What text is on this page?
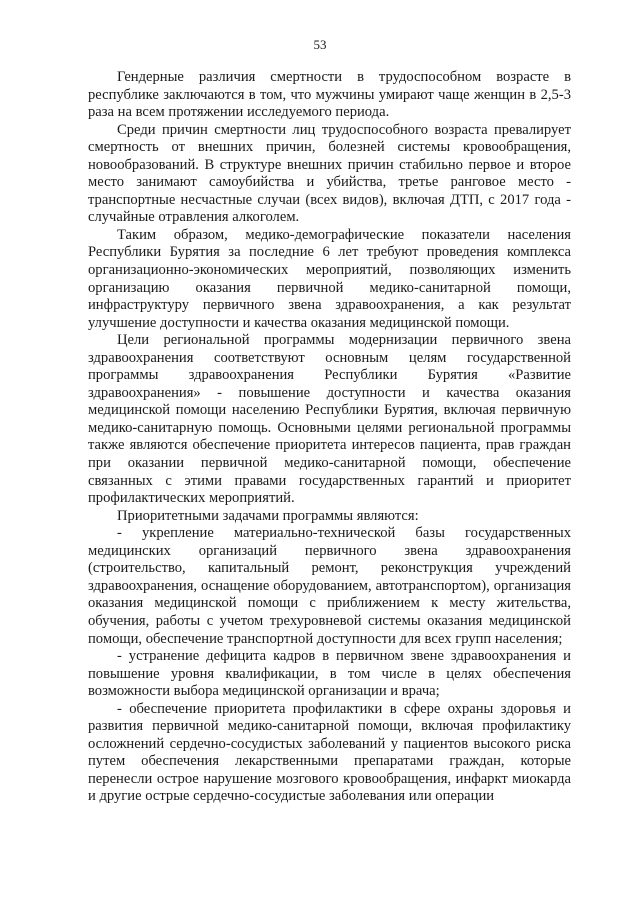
53

Гендерные различия смертности в трудоспособном возрасте в республике заключаются в том, что мужчины умирают чаще женщин в 2,5-3 раза на всем протяжении исследуемого периода.

Среди причин смертности лиц трудоспособного возраста превалирует смертность от внешних причин, болезней системы кровообращения, новообразований. В структуре внешних причин стабильно первое и второе место занимают самоубийства и убийства, третье ранговое место - транспортные несчастные случаи (всех видов), включая ДТП, с 2017 года - случайные отравления алкоголем.

Таким образом, медико-демографические показатели населения Республики Бурятия за последние 6 лет требуют проведения комплекса организационно-экономических мероприятий, позволяющих изменить организацию оказания первичной медико-санитарной помощи, инфраструктуру первичного звена здравоохранения, а как результат улучшение доступности и качества оказания медицинской помощи.

Цели региональной программы модернизации первичного звена здравоохранения соответствуют основным целям государственной программы здравоохранения Республики Бурятия «Развитие здравоохранения» - повышение доступности и качества оказания медицинской помощи населению Республики Бурятия, включая первичную медико-санитарную помощь. Основными целями региональной программы также являются обеспечение приоритета интересов пациента, прав граждан при оказании первичной медико-санитарной помощи, обеспечение связанных с этими правами государственных гарантий и приоритет профилактических мероприятий.

Приоритетными задачами программы являются:

- укрепление материально-технической базы государственных медицинских организаций первичного звена здравоохранения (строительство, капитальный ремонт, реконструкция учреждений здравоохранения, оснащение оборудованием, автотранспортом), организация оказания медицинской помощи с приближением к месту жительства, обучения, работы с учетом трехуровневой системы оказания медицинской помощи, обеспечение транспортной доступности для всех групп населения;

- устранение дефицита кадров в первичном звене здравоохранения и повышение уровня квалификации, в том числе в целях обеспечения возможности выбора медицинской организации и врача;

- обеспечение приоритета профилактики в сфере охраны здоровья и развития первичной медико-санитарной помощи, включая профилактику осложнений сердечно-сосудистых заболеваний у пациентов высокого риска путем обеспечения лекарственными препаратами граждан, которые перенесли острое нарушение мозгового кровообращения, инфаркт миокарда и другие острые сердечно-сосудистые заболевания или операции
